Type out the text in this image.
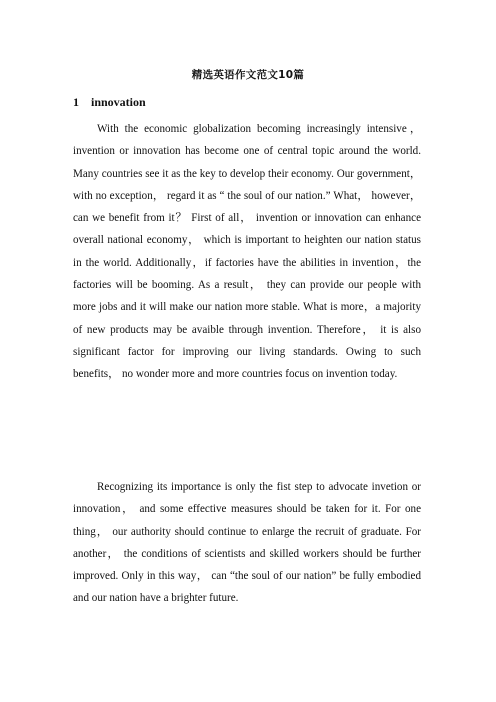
精选英语作文范文10篇
1 innovation

With the economic globalization becoming increasingly intensive，invention or innovation has become one of central topic around the world. Many countries see it as the key to develop their economy. Our government， with no exception， regard it as “ the soul of our nation.” What， however， can we benefit from it？ First of all， invention or innovation can enhance overall national economy， which is important to heighten our nation status in the world. Additionally，if factories have the abilities in invention，the factories will be booming. As a result， they can provide our people with more jobs and it will make our nation more stable. What is more，a majority of new products may be avaible through invention. Therefore， it is also significant factor for improving our living standards. Owing to such benefits， no wonder more and more countries focus on invention today.

Recognizing its importance is only the fist step to advocate invetion or innovation， and some effective measures should be taken for it. For one thing， our authority should continue to enlarge the recruit of graduate. For another， the conditions of scientists and skilled workers should be further improved. Only in this way， can “the soul of our nation” be fully embodied and our nation have a brighter future.
